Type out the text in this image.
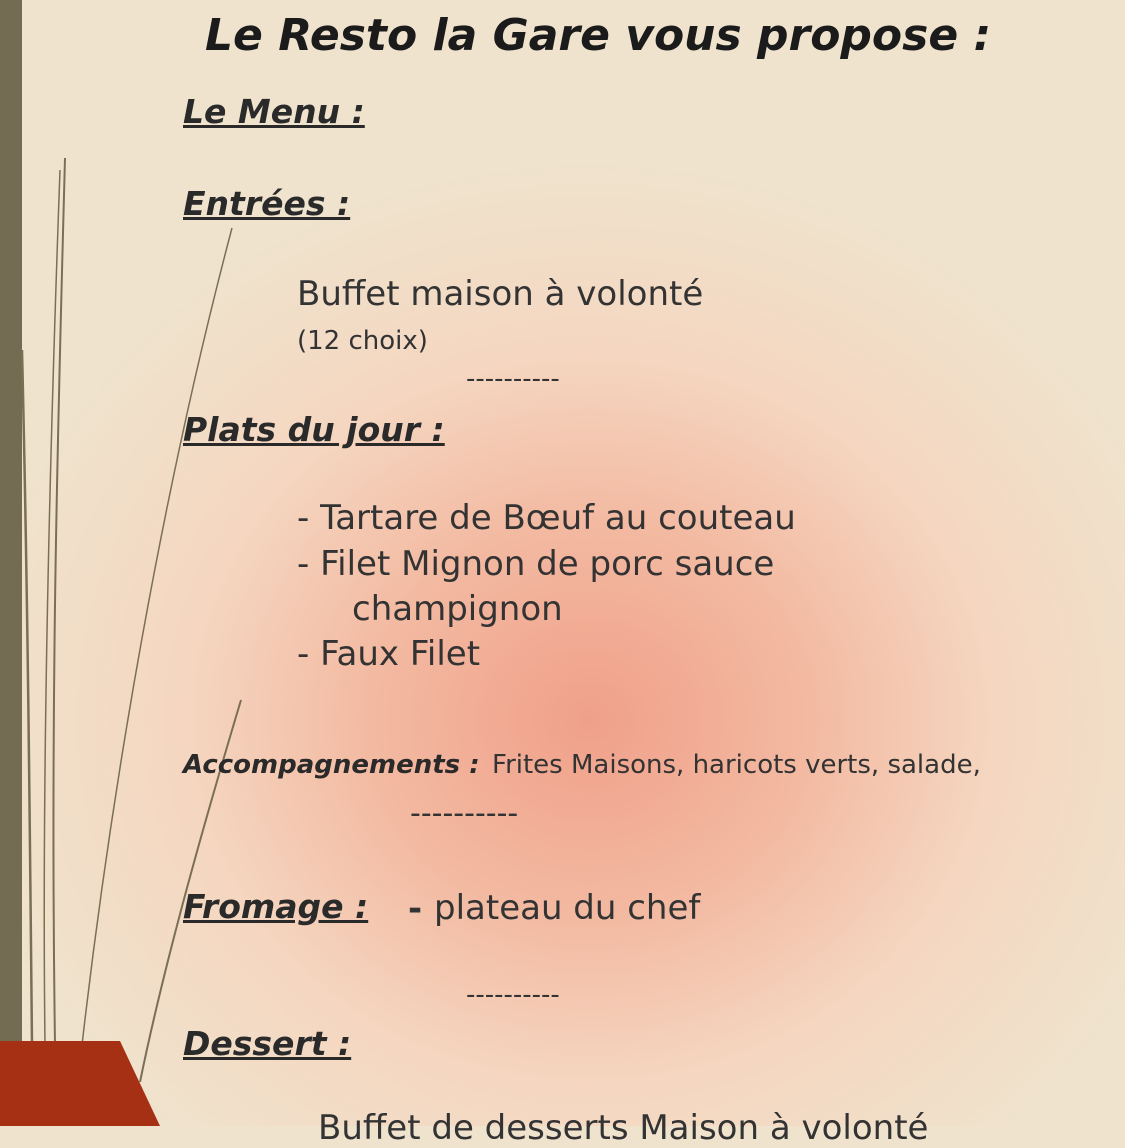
Le Resto la Gare vous propose :
Le Menu :
Entrées :
Buffet maison à volonté
(12 choix)
----------
Plats du jour :
- Tartare de Bœuf au couteau
- Filet Mignon de porc sauce
champignon
- Faux Filet
Accompagnements : Frites Maisons, haricots verts, salade,
----------
Fromage : - plateau du chef
----------
Dessert :
Buffet de desserts Maison à volonté
